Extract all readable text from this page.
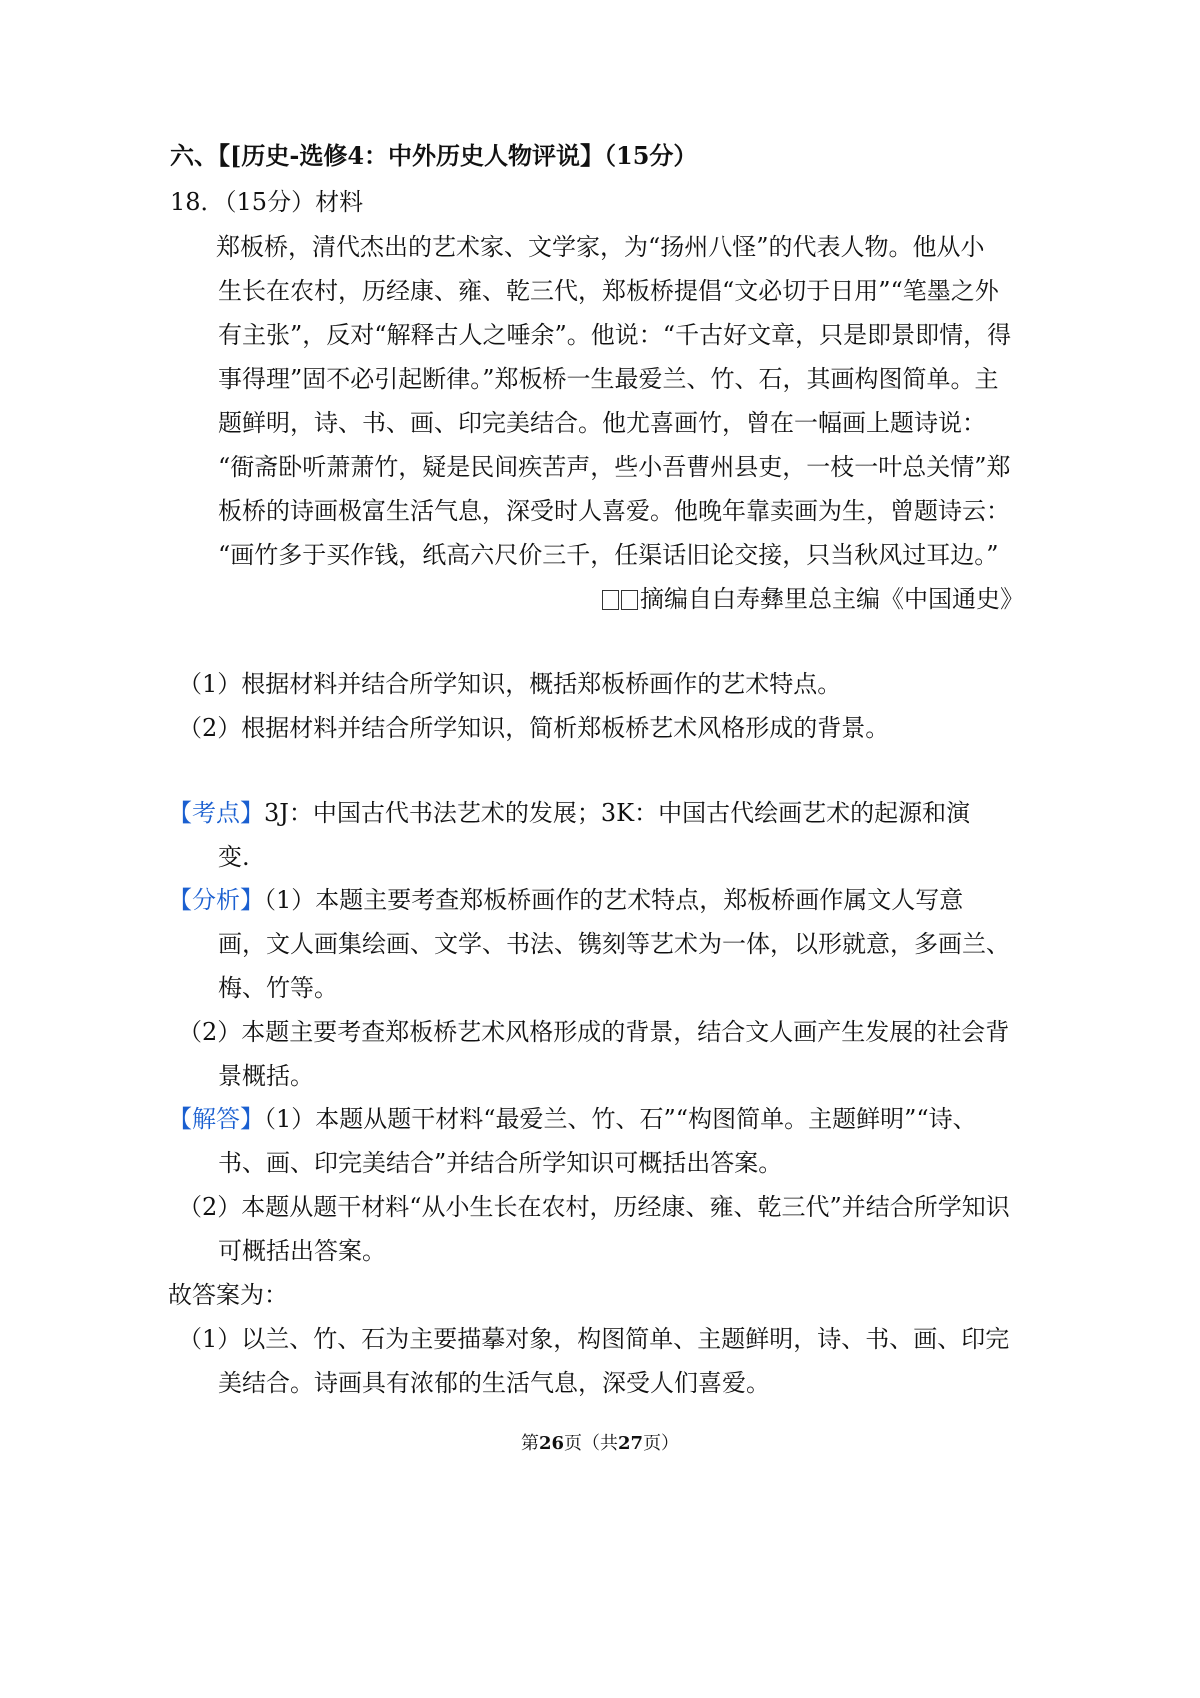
六、【[历史-选修4：中外历史人物评说】（15分）
18．（15分）材料
郑板桥，清代杰出的艺术家、文学家，为“扬州八怪”的代表人物。他从小
生长在农村，历经康、雍、乾三代，郑板桥提倡“文必切于日用”“笔墨之外
有主张”，反对“解释古人之唾余”。他说：“千古好文章，只是即景即情，得
事得理”固不必引起断律。”郑板桥一生最爱兰、竹、石，其画构图简单。主
题鲜明，诗、书、画、印完美结合。他尤喜画竹，曾在一幅画上题诗说：
“衙斋卧听萧萧竹，疑是民间疾苦声，些小吾曹州县吏，一枝一叶总关情”郑
板桥的诗画极富生活气息，深受时人喜爱。他晚年靠卖画为生，曾题诗云：
“画竹多于买作钱，纸高六尺价三千，任渠话旧论交接，只当秋风过耳边。”
摘编自白寿彝里总主编《中国通史》
（1）根据材料并结合所学知识，概括郑板桥画作的艺术特点。
（2）根据材料并结合所学知识，简析郑板桥艺术风格形成的背景。
【考点】3J：中国古代书法艺术的发展；3K：中国古代绘画艺术的起源和演
变.
【分析】（1）本题主要考查郑板桥画作的艺术特点，郑板桥画作属文人写意
画，文人画集绘画、文学、书法、镌刻等艺术为一体，以形就意，多画兰、
梅、竹等。
（2）本题主要考查郑板桥艺术风格形成的背景，结合文人画产生发展的社会背
景概括。
【解答】（1）本题从题干材料“最爱兰、竹、石”“构图简单。主题鲜明”“诗、
书、画、印完美结合”并结合所学知识可概括出答案。
（2）本题从题干材料“从小生长在农村，历经康、雍、乾三代”并结合所学知识
可概括出答案。
故答案为：
（1）以兰、竹、石为主要描摹对象，构图简单、主题鲜明，诗、书、画、印完
美结合。诗画具有浓郁的生活气息，深受人们喜爱。
第26页（共27页）
